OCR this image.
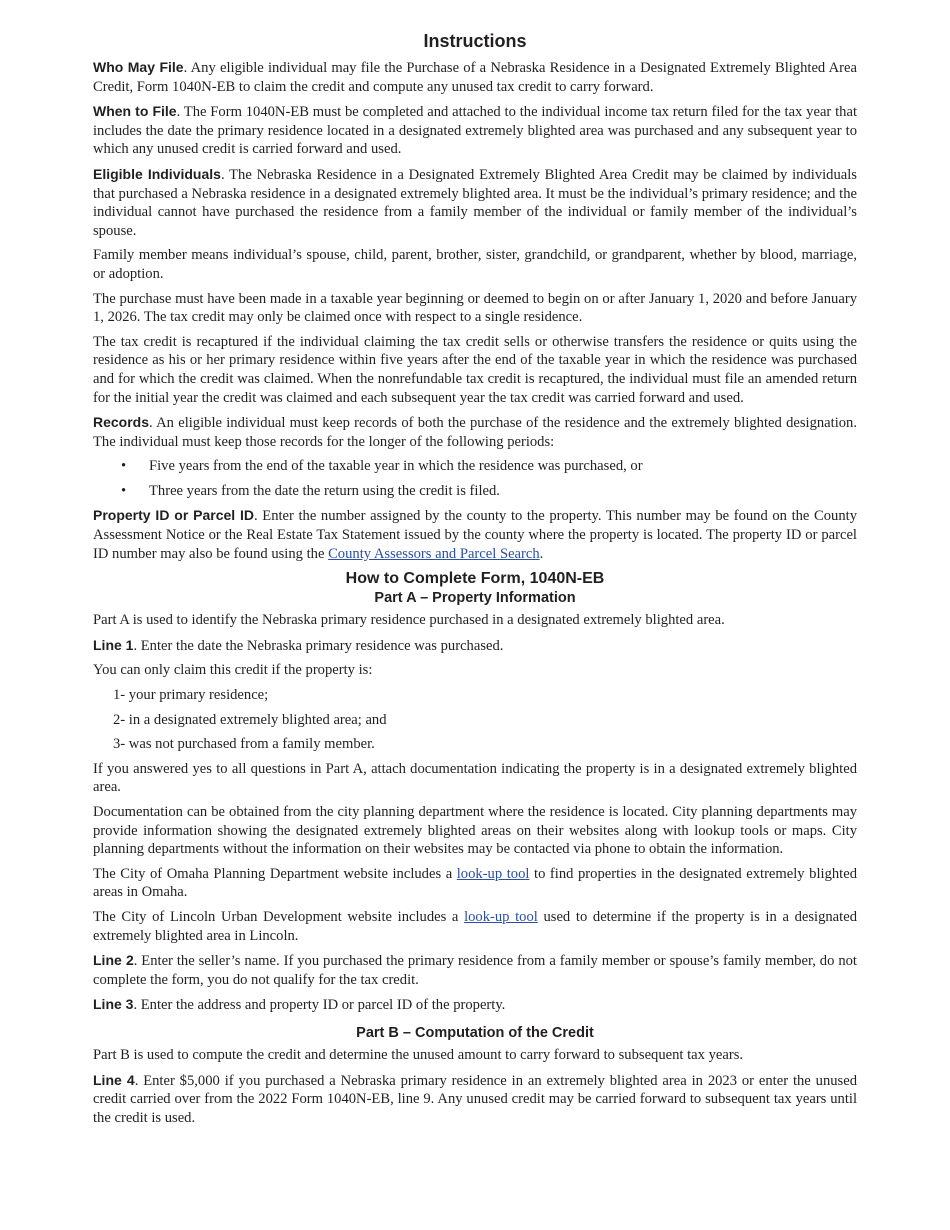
Instructions

Who May File. Any eligible individual may file the Purchase of a Nebraska Residence in a Designated Extremely Blighted Area Credit, Form 1040N-EB to claim the credit and compute any unused tax credit to carry forward.

When to File. The Form 1040N-EB must be completed and attached to the individual income tax return filed for the tax year that includes the date the primary residence located in a designated extremely blighted area was purchased and any subsequent year to which any unused credit is carried forward and used.

Eligible Individuals. The Nebraska Residence in a Designated Extremely Blighted Area Credit may be claimed by individuals that purchased a Nebraska residence in a designated extremely blighted area. It must be the individual’s primary residence; and the individual cannot have purchased the residence from a family member of the individual or family member of the individual’s spouse.

Family member means individual’s spouse, child, parent, brother, sister, grandchild, or grandparent, whether by blood, marriage, or adoption.

The purchase must have been made in a taxable year beginning or deemed to begin on or after January 1, 2020 and before January 1, 2026. The tax credit may only be claimed once with respect to a single residence.

The tax credit is recaptured if the individual claiming the tax credit sells or otherwise transfers the residence or quits using the residence as his or her primary residence within five years after the end of the taxable year in which the residence was purchased and for which the credit was claimed. When the nonrefundable tax credit is recaptured, the individual must file an amended return for the initial year the credit was claimed and each subsequent year the tax credit was carried forward and used.

Records. An eligible individual must keep records of both the purchase of the residence and the extremely blighted designation. The individual must keep those records for the longer of the following periods:

• Five years from the end of the taxable year in which the residence was purchased, or
• Three years from the date the return using the credit is filed.

Property ID or Parcel ID. Enter the number assigned by the county to the property. This number may be found on the County Assessment Notice or the Real Estate Tax Statement issued by the county where the property is located. The property ID or parcel ID number may also be found using the County Assessors and Parcel Search.

How to Complete Form, 1040N-EB
Part A – Property Information

Part A is used to identify the Nebraska primary residence purchased in a designated extremely blighted area.

Line 1. Enter the date the Nebraska primary residence was purchased.

You can only claim this credit if the property is:

1- your primary residence;
2- in a designated extremely blighted area; and
3- was not purchased from a family member.

If you answered yes to all questions in Part A, attach documentation indicating the property is in a designated extremely blighted area.

Documentation can be obtained from the city planning department where the residence is located. City planning departments may provide information showing the designated extremely blighted areas on their websites along with lookup tools or maps. City planning departments without the information on their websites may be contacted via phone to obtain the information.

The City of Omaha Planning Department website includes a look-up tool to find properties in the designated extremely blighted areas in Omaha.

The City of Lincoln Urban Development website includes a look-up tool used to determine if the property is in a designated extremely blighted area in Lincoln.

Line 2. Enter the seller’s name. If you purchased the primary residence from a family member or spouse’s family member, do not complete the form, you do not qualify for the tax credit.

Line 3. Enter the address and property ID or parcel ID of the property.

Part B – Computation of the Credit

Part B is used to compute the credit and determine the unused amount to carry forward to subsequent tax years.

Line 4. Enter $5,000 if you purchased a Nebraska primary residence in an extremely blighted area in 2023 or enter the unused credit carried over from the 2022 Form 1040N-EB, line 9. Any unused credit may be carried forward to subsequent tax years until the credit is used.
